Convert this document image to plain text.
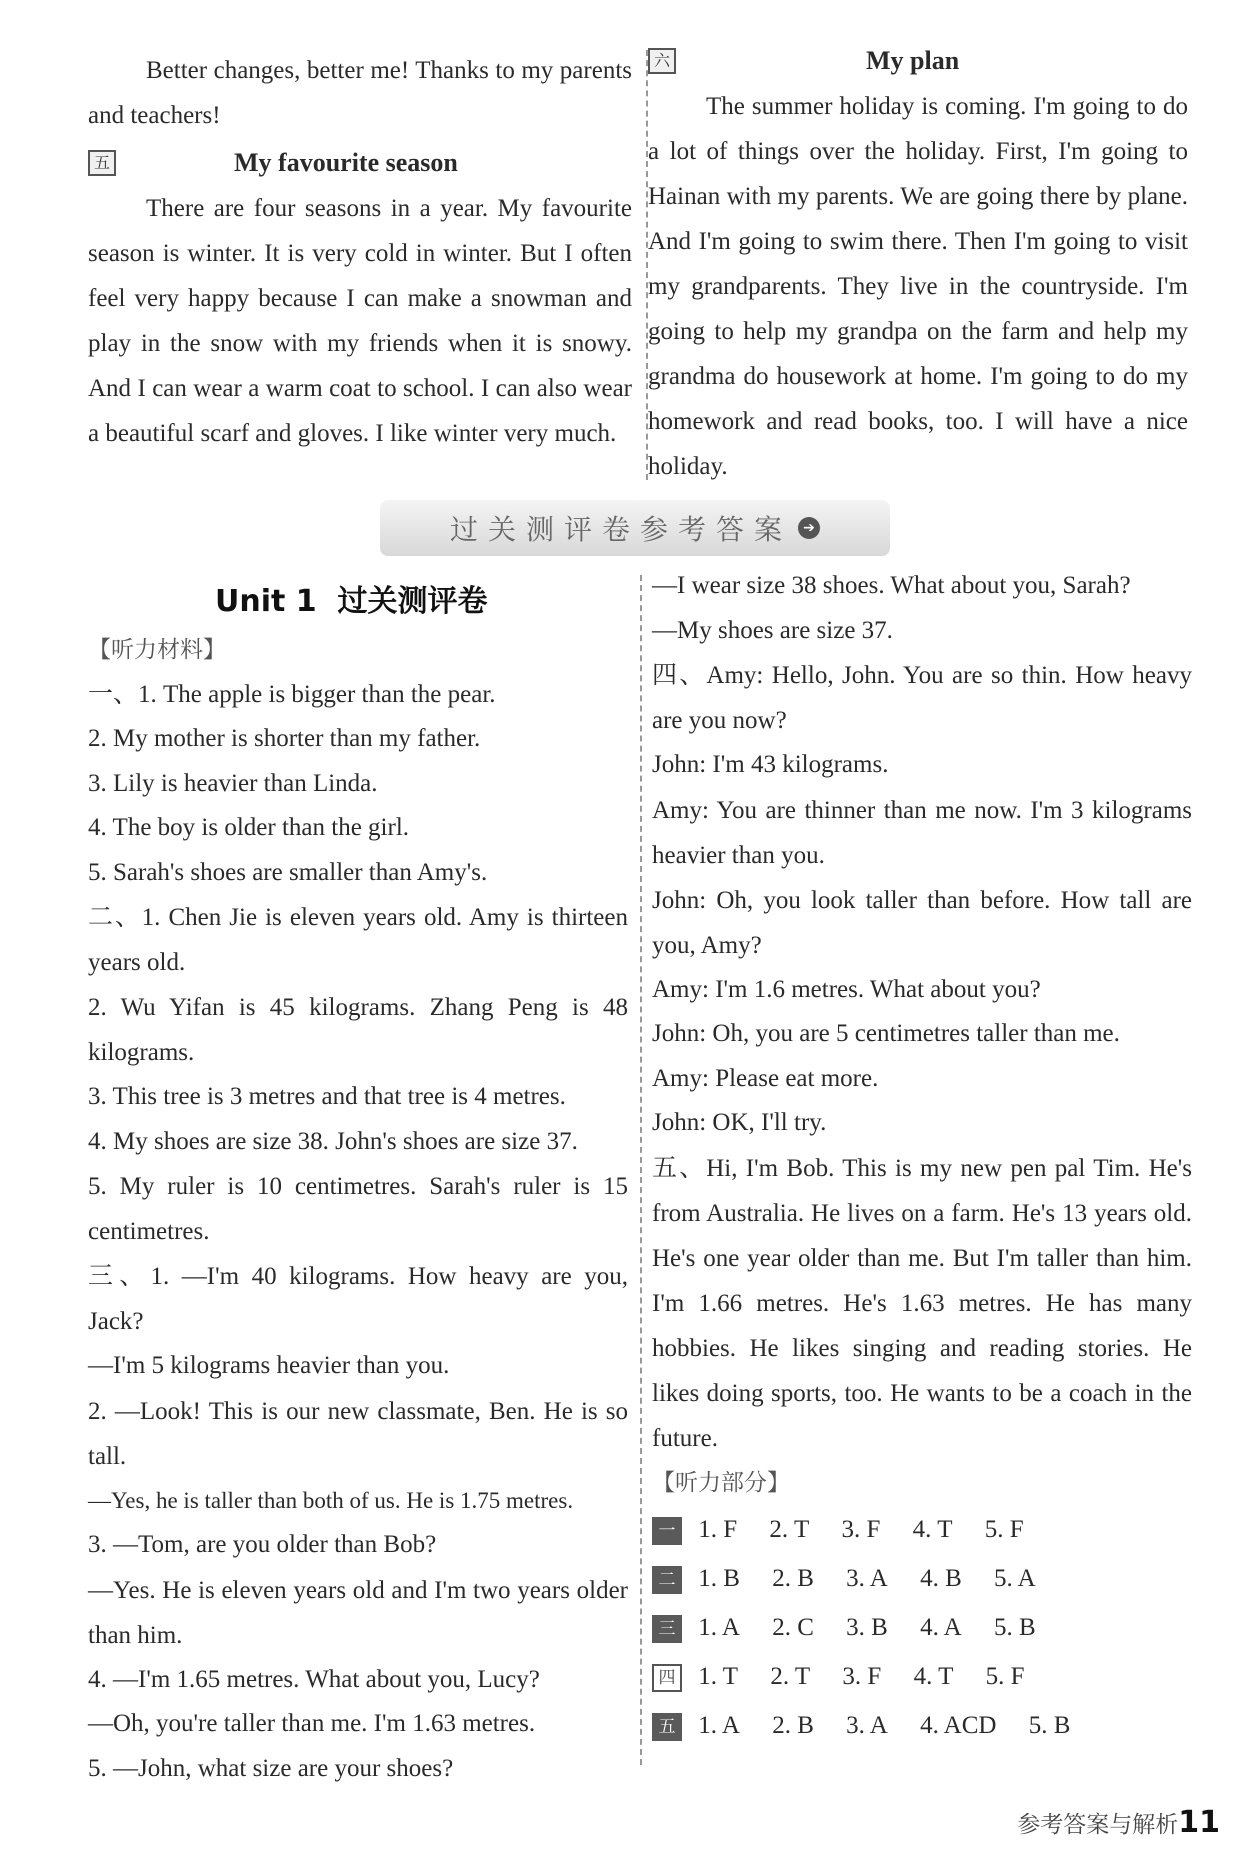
Better changes, better me! Thanks to my parents and teachers!
五	My favourite season
There are four seasons in a year. My favourite season is winter. It is very cold in winter. But I often feel very happy because I can make a snowman and play in the snow with my friends when it is snowy. And I can wear a warm coat to school. I can also wear a beautiful scarf and gloves. I like winter very much.
六	My plan
The summer holiday is coming. I'm going to do a lot of things over the holiday. First, I'm going to Hainan with my parents. We are going there by plane. And I'm going to swim there. Then I'm going to visit my grandparents. They live in the countryside. I'm going to help my grandpa on the farm and help my grandma do housework at home. I'm going to do my homework and read books, too. I will have a nice holiday.
过关测评卷参考答案 ➔
Unit 1  过关测评卷
【听力材料】
一、1. The apple is bigger than the pear.
2. My mother is shorter than my father.
3. Lily is heavier than Linda.
4. The boy is older than the girl.
5. Sarah's shoes are smaller than Amy's.
二、1. Chen Jie is eleven years old. Amy is thirteen years old.
2. Wu Yifan is 45 kilograms. Zhang Peng is 48 kilograms.
3. This tree is 3 metres and that tree is 4 metres.
4. My shoes are size 38. John's shoes are size 37.
5. My ruler is 10 centimetres. Sarah's ruler is 15 centimetres.
三、1. —I'm 40 kilograms. How heavy are you, Jack?
—I'm 5 kilograms heavier than you.
2. —Look! This is our new classmate, Ben. He is so tall.
—Yes, he is taller than both of us. He is 1.75 metres.
3. —Tom, are you older than Bob?
—Yes. He is eleven years old and I'm two years older than him.
4. —I'm 1.65 metres. What about you, Lucy?
—Oh, you're taller than me. I'm 1.63 metres.
5. —John, what size are your shoes?
—I wear size 38 shoes. What about you, Sarah?
—My shoes are size 37.
四、Amy: Hello, John. You are so thin. How heavy are you now?
John: I'm 43 kilograms.
Amy: You are thinner than me now. I'm 3 kilograms heavier than you.
John: Oh, you look taller than before. How tall are you, Amy?
Amy: I'm 1.6 metres. What about you?
John: Oh, you are 5 centimetres taller than me.
Amy: Please eat more.
John: OK, I'll try.
五、Hi, I'm Bob. This is my new pen pal Tim. He's from Australia. He lives on a farm. He's 13 years old. He's one year older than me. But I'm taller than him. I'm 1.66 metres. He's 1.63 metres. He has many hobbies. He likes singing and reading stories. He likes doing sports, too. He wants to be a coach in the future.
【听力部分】
一 1. F 2. T 3. F 4. T 5. F
二 1. B 2. B 3. A 4. B 5. A
三 1. A 2. C 3. B 4. A 5. B
四 1. T 2. T 3. F 4. T 5. F
五 1. A 2. B 3. A 4. ACD 5. B
参考答案与解析11
